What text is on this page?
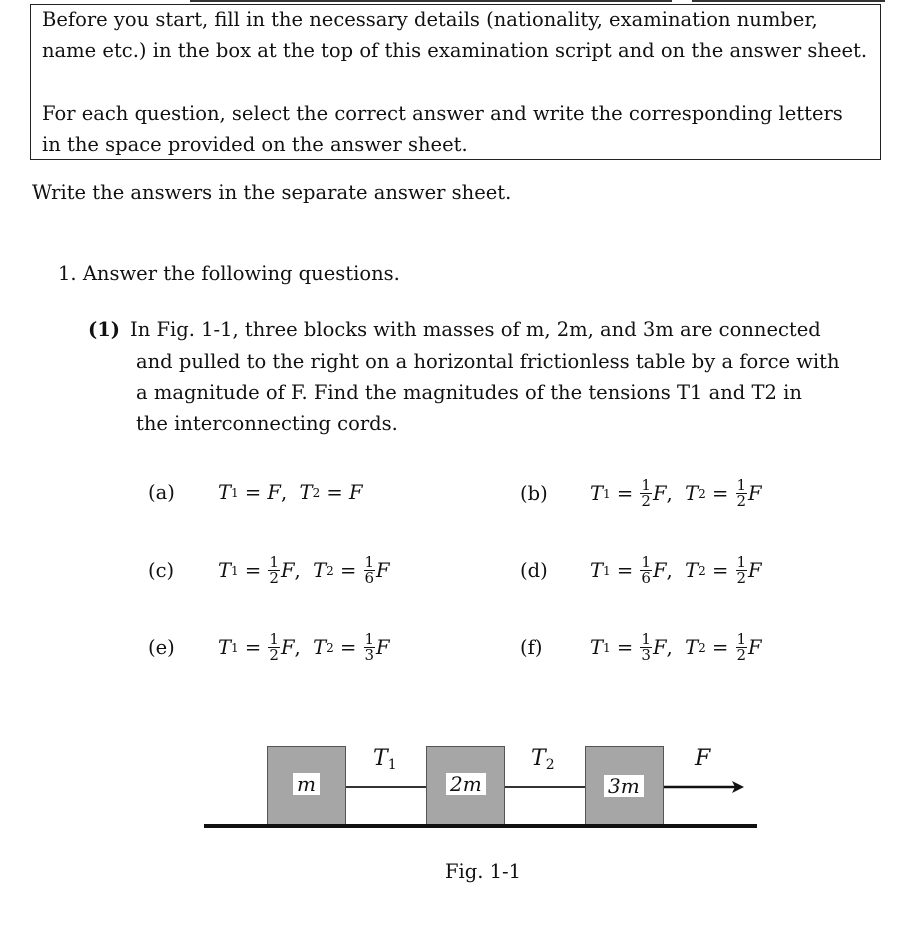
Before you start, fill in the necessary details (nationality, examination number,
name etc.) in the box at the top of this examination script and on the answer sheet.
For each question, select the correct answer and write the corresponding letters
in the space provided on the answer sheet.
Write the answers in the separate answer sheet.
1. Answer the following questions.
(1) In Fig. 1-1, three blocks with masses of m, 2m, and 3m are connected
and pulled to the right on a horizontal frictionless table by a force with
a magnitude of F. Find the magnitudes of the tensions T1 and T2 in
the interconnecting cords.
(a)	T 1 = F , T 2 = F	(b)	T $1 = \frac{1}{2}$ F , T $2 = \frac{1}{2}$ F
(c)	T $1 = \frac{1}{2}$ F , T $2 = \frac{1}{6}$ F	(d)	T $1 = \frac{1}{6}$ F , T $2 = \frac{1}{2}$ F
(e)	T $1 = \frac{1}{2}$ F , T $2 = \frac{1}{3}$ F	(f)	T $1 = \frac{1}{3}$ F , T $2 = \frac{1}{2}$ F
m	2m	3m
$T_1$	$T_2$	F
Fig. 1-1
